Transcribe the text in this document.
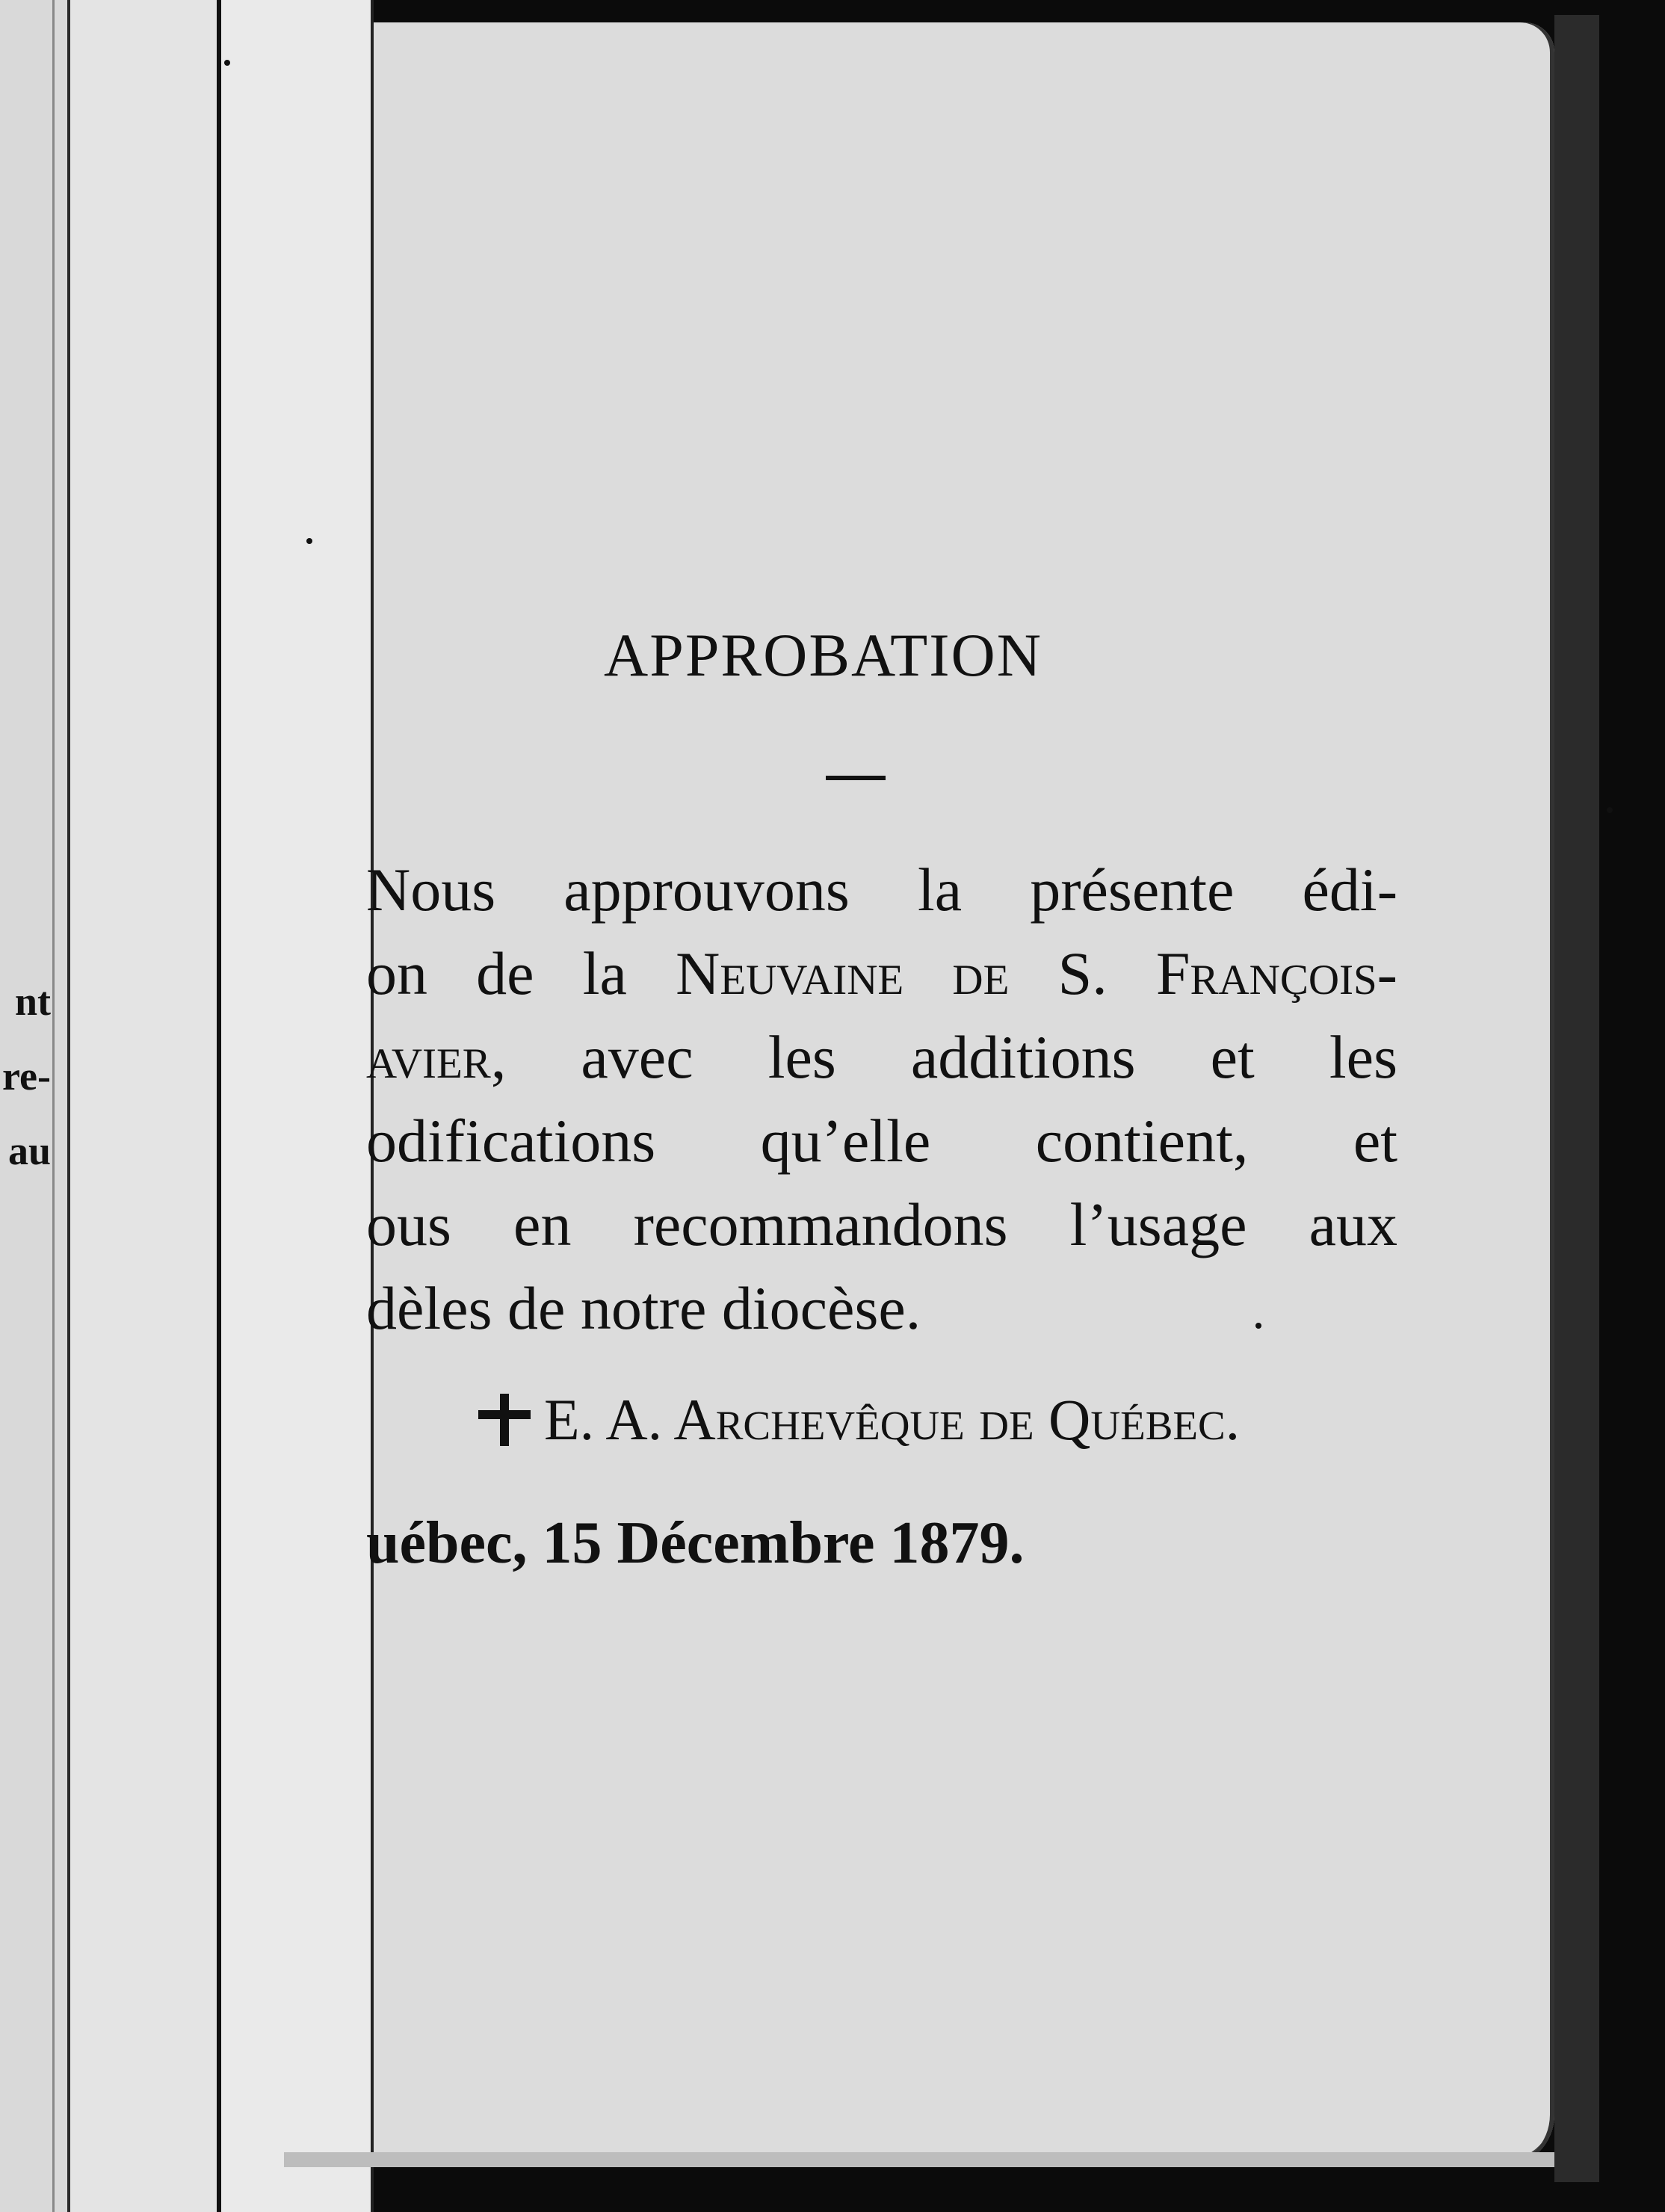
nt
re-
au
APPROBATION
Nous approuvons la présente édi-
on de la Neuvaine de S. François-
avier, avec les additions et les
odifications qu’elle contient, et
ous en recommandons l’usage aux
dèles de notre diocèse.
E. A. Archevêque de Québec.
uébec, 15 Décembre 1879.
